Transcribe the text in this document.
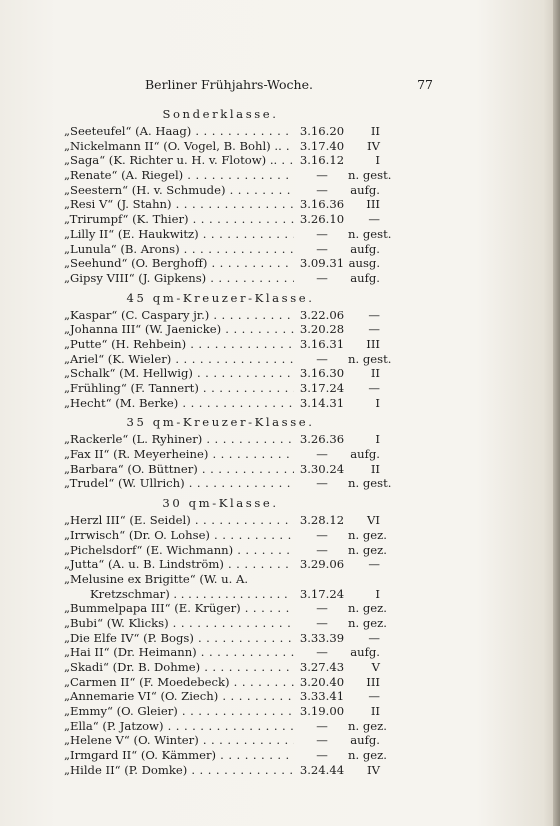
Berliner Frühjahrs-Woche.	77
Sonderklasse.
„Seeteufel“ (A. Haag) . . .	3.16.20	II
„Nickelmann II“ (O. Vogel, B. Bohl) .. . . .	3.17.40	IV
„Saga“ (K. Richter u. H. v. Flotow) .. . . .	3.16.12	I
„Renate“ (A. Riegel) . . .	—	n. gest.
„Seestern“ (H. v. Schmude) . . .	—	aufg.
„Resi V“ (J. Stahn) . . .	3.16.36	III
„Trirumpf“ (K. Thier) . . .	3.26.10	—
„Lilly II“ (E. Haukwitz) . . .	—	n. gest.
„Lunula“ (B. Arons) . . .	—	aufg.
„Seehund“ (O. Berghoff) . . .	3.09.31 ausg.
„Gipsy VIII“ (J. Gipkens) . . .	—	aufg.
45 qm-Kreuzer-Klasse.
„Kaspar“ (C. Caspary jr.) . . .	3.22.06	—
„Johanna III“ (W. Jaenicke) . . .	3.20.28	—
„Putte“ (H. Rehbein) . . .	3.16.31	III
„Ariel“ (K. Wieler) . . .	—	n. gest.
„Schalk“ (M. Hellwig) . . .	3.16.30	II
„Frühling“ (F. Tannert) . . .	3.17.24	—
„Hecht“ (M. Berke) . . .	3.14.31	I
35 qm-Kreuzer-Klasse.
„Rackerle“ (L. Ryhiner) . . .	3.26.36	I
„Fax II“ (R. Meyerheine) . . .	—	aufg.
„Barbara“ (O. Büttner) . . .	3.30.24	II
„Trudel“ (W. Ullrich) . . .	—	n. gest.
30 qm-Klasse.
„Herzl III“ (E. Seidel) . . .	3.28.12	VI
„Irrwisch“ (Dr. O. Lohse) . . .	—	n. gez.
„Pichelsdorf“ (E. Wichmann) . . .	—	n. gez.
„Jutta“ (A. u. B. Lindström) . . .	3.29.06	—
„Melusine ex Brigitte“ (W. u. A.
Kretzschmar) . . .	3.17.24	I
„Bummelpapa III“ (E. Krüger) . . .	—	n. gez.
„Bubi“ (W. Klicks) . . .	—	n. gez.
„Die Elfe IV“ (P. Bogs) . . .	3.33.39	—
„Hai II“ (Dr. Heimann) . . .	—	aufg.
„Skadi“ (Dr. B. Dohme) . . .	3.27.43	V
„Carmen II“ (F. Moedebeck) . . .	3.20.40	III
„Annemarie VI“ (O. Ziech) . . .	3.33.41	—
„Emmy“ (O. Gleier) . . .	3.19.00	II
„Ella“ (P. Jatzow) . . .	—	n. gez.
„Helene V“ (O. Winter) . . .	—	aufg.
„Irmgard II“ (O. Kämmer) . . .	—	n. gez.
„Hilde II“ (P. Domke) . . .	3.24.44	IV
